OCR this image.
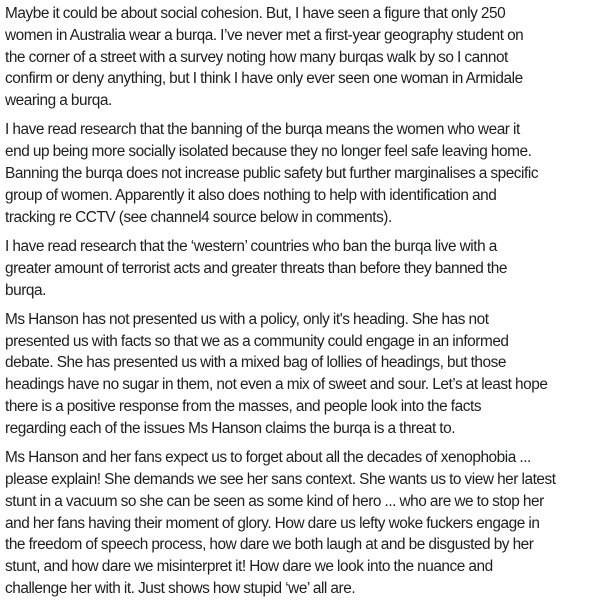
Maybe it could be about social cohesion. But, I have seen a figure that only 250
women in Australia wear a burqa. I’ve never met a first-year geography student on
the corner of a street with a survey noting how many burqas walk by so I cannot
confirm or deny anything, but I think I have only ever seen one woman in Armidale
wearing a burqa.

I have read research that the banning of the burqa means the women who wear it
end up being more socially isolated because they no longer feel safe leaving home.
Banning the burqa does not increase public safety but further marginalises a specific
group of women. Apparently it also does nothing to help with identification and
tracking re CCTV (see channel4 source below in comments).

I have read research that the ‘western’ countries who ban the burqa live with a
greater amount of terrorist acts and greater threats than before they banned the
burqa.

Ms Hanson has not presented us with a policy, only it's heading. She has not
presented us with facts so that we as a community could engage in an informed
debate. She has presented us with a mixed bag of lollies of headings, but those
headings have no sugar in them, not even a mix of sweet and sour. Let’s at least hope
there is a positive response from the masses, and people look into the facts
regarding each of the issues Ms Hanson claims the burqa is a threat to.

Ms Hanson and her fans expect us to forget about all the decades of xenophobia ...
please explain! She demands we see her sans context. She wants us to view her latest
stunt in a vacuum so she can be seen as some kind of hero ... who are we to stop her
and her fans having their moment of glory. How dare us lefty woke fuckers engage in
the freedom of speech process, how dare we both laugh at and be disgusted by her
stunt, and how dare we misinterpret it! How dare we look into the nuance and
challenge her with it. Just shows how stupid ‘we’ all are.
